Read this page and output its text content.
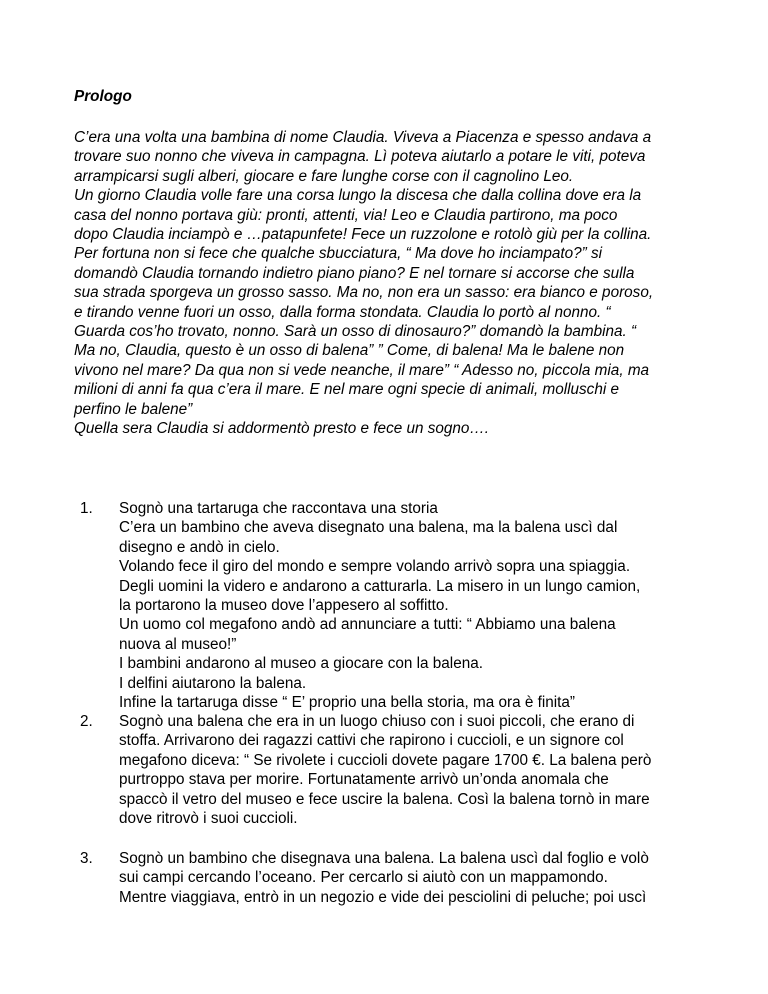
Prologo
C’era una volta una bambina di nome Claudia. Viveva a Piacenza e spesso andava a
trovare suo nonno che viveva in campagna. Lì poteva aiutarlo a potare le viti, poteva
arrampicarsi sugli alberi, giocare e fare lunghe corse con il cagnolino Leo.
Un giorno Claudia volle fare una corsa lungo la discesa che dalla collina dove era la
casa del nonno portava giù: pronti, attenti, via! Leo e Claudia partirono, ma poco
dopo Claudia inciampò e …patapunfete! Fece un ruzzolone e rotolò giù per la collina.
Per fortuna non si fece che qualche sbucciatura, “ Ma dove ho inciampato?” si
domandò Claudia tornando indietro piano piano? E nel tornare si accorse che sulla
sua strada sporgeva un grosso sasso. Ma no, non era un sasso: era bianco e poroso,
e tirando venne fuori un osso, dalla forma stondata. Claudia lo portò al nonno. “
Guarda cos’ho trovato, nonno. Sarà un osso di dinosauro?” domandò la bambina. “
Ma no, Claudia, questo è un osso di balena” ” Come, di balena! Ma le balene non
vivono nel mare? Da qua non si vede neanche, il mare” “ Adesso no, piccola mia, ma
milioni di anni fa qua c’era il mare. E nel mare ogni specie di animali, molluschi e
perfino le balene”
Quella sera Claudia si addormentò presto e fece un sogno….
1.	Sognò una tartaruga che raccontava una storia
C’era un bambino che aveva disegnato una balena, ma la balena uscì dal
disegno e andò in cielo.
Volando fece il giro del mondo e sempre volando arrivò sopra una spiaggia.
Degli uomini la videro e andarono a catturarla. La misero in un lungo camion,
la portarono la museo dove l’appesero al soffitto.
Un uomo col megafono andò ad annunciare a tutti: “ Abbiamo una balena
nuova al museo!”
I bambini andarono al museo a giocare con la balena.
I delfini aiutarono la balena.
Infine la tartaruga disse “ E’ proprio una bella storia, ma ora è finita”
2.	Sognò una balena che era in un luogo chiuso con i suoi piccoli, che erano di
stoffa. Arrivarono dei ragazzi cattivi che rapirono i cuccioli, e un signore col
megafono diceva: “ Se rivolete i cuccioli dovete pagare 1700 €. La balena però
purtroppo stava per morire. Fortunatamente arrivò un’onda anomala che
spaccò il vetro del museo e fece uscire la balena. Così la balena tornò in mare
dove ritrovò i suoi cuccioli.
3.	Sognò un bambino che disegnava una balena. La balena uscì dal foglio e volò
sui campi cercando l’oceano. Per cercarlo si aiutò con un mappamondo.
Mentre viaggiava, entrò in un negozio e vide dei pesciolini di peluche; poi uscì
